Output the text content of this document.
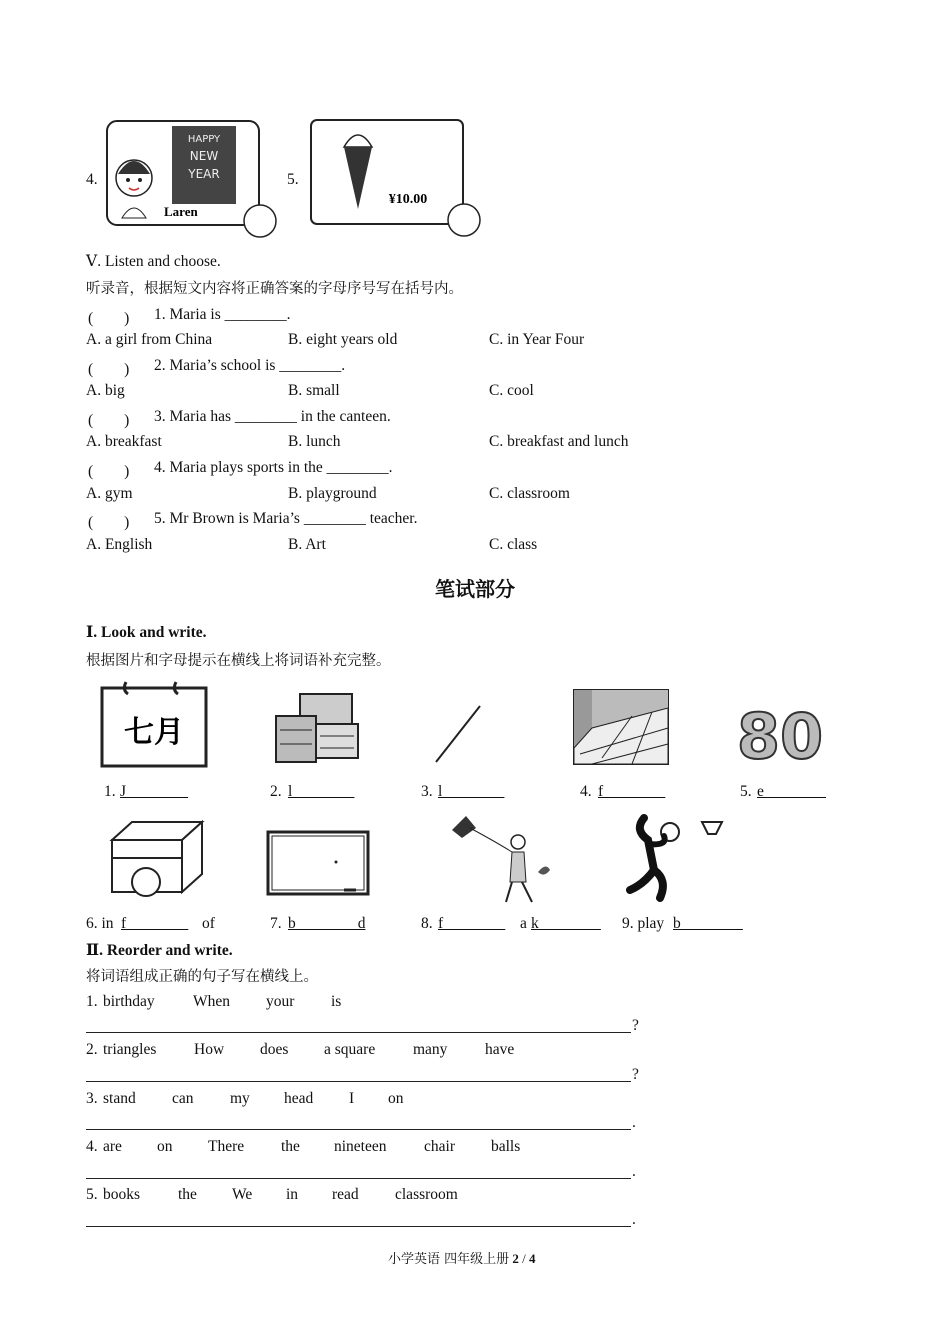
4.
HAPPY
NEW
YEAR
Laren
5.
¥10.00
Ⅴ. Listen and choose.
听录音，根据短文内容将正确答案的字母序号写在括号内。
(　　) 1. Maria is ________.
A. a girl from China	B. eight years old	C. in Year Four
(　　) 2. Maria’s school is ________.
A. big	B. small	C. cool
(　　) 3. Maria has ________ in the canteen.
A. breakfast	B. lunch	C. breakfast and lunch
(　　) 4. Maria plays sports in the ________.
A. gym	B. playground	C. classroom
(　　) 5. Mr Brown is Maria’s ________ teacher.
A. English	B. Art	C. class
笔试部分
Ⅰ. Look and write.
根据图片和字母提示在横线上将词语补充完整。
七月	80
1. J________	2. l________	3. l________	4. f________	5. e________
6. in f________ of	7. b________d	8. f________ a k________ 9. play b________
Ⅱ. Reorder and write.
将词语组成正确的句子写在横线上。
1. birthday When your is
?
2. triangles How does a square many have
?
3. stand can my head I on
.
4. are on There the nineteen chair balls
.
5. books the We in read classroom
.
小学英语 四年级上册 2 / 4
